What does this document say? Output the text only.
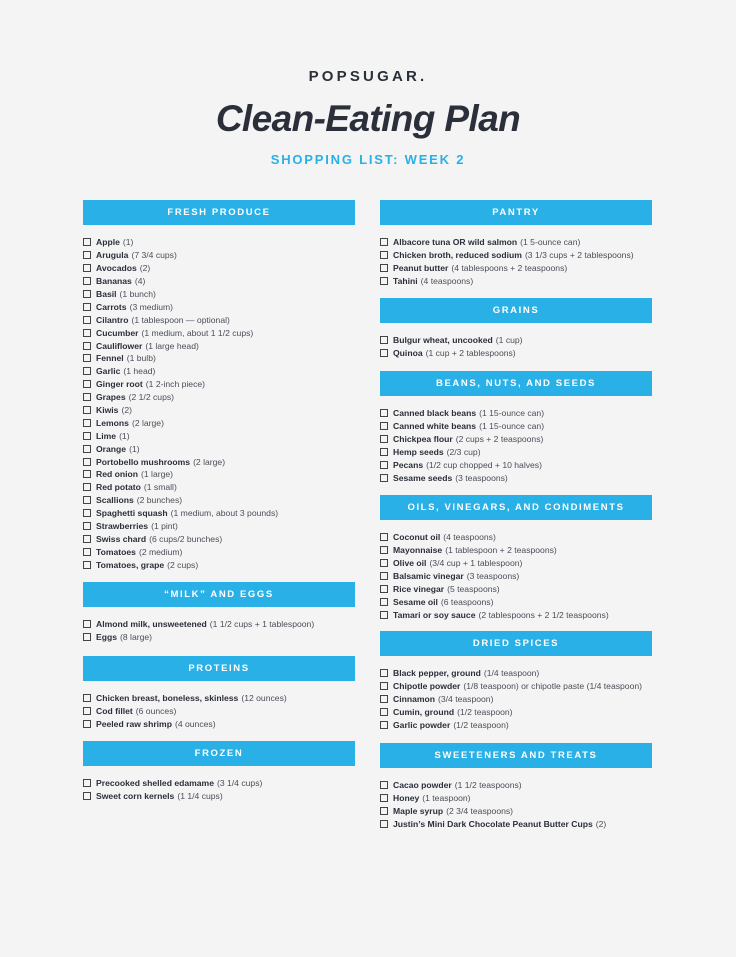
POPSUGAR.
Clean-Eating Plan
SHOPPING LIST: WEEK 2
FRESH PRODUCE
Apple (1)
Arugula (7 3/4 cups)
Avocados (2)
Bananas (4)
Basil (1 bunch)
Carrots (3 medium)
Cilantro (1 tablespoon — optional)
Cucumber (1 medium, about 1 1/2 cups)
Cauliflower (1 large head)
Fennel (1 bulb)
Garlic (1 head)
Ginger root (1 2-inch piece)
Grapes (2 1/2 cups)
Kiwis (2)
Lemons (2 large)
Lime (1)
Orange (1)
Portobello mushrooms (2 large)
Red onion (1 large)
Red potato (1 small)
Scallions (2 bunches)
Spaghetti squash (1 medium, about 3 pounds)
Strawberries (1 pint)
Swiss chard (6 cups/2 bunches)
Tomatoes (2 medium)
Tomatoes, grape (2 cups)
“MILK” AND EGGS
Almond milk, unsweetened (1 1/2 cups + 1 tablespoon)
Eggs (8 large)
PROTEINS
Chicken breast, boneless, skinless (12 ounces)
Cod fillet (6 ounces)
Peeled raw shrimp (4 ounces)
FROZEN
Precooked shelled edamame (3 1/4 cups)
Sweet corn kernels (1 1/4 cups)
PANTRY
Albacore tuna OR wild salmon (1 5-ounce can)
Chicken broth, reduced sodium (3 1/3 cups + 2 tablespoons)
Peanut butter (4 tablespoons + 2 teaspoons)
Tahini (4 teaspoons)
GRAINS
Bulgur wheat, uncooked (1 cup)
Quinoa (1 cup + 2 tablespoons)
BEANS, NUTS, AND SEEDS
Canned black beans (1 15-ounce can)
Canned white beans (1 15-ounce can)
Chickpea flour (2 cups + 2 teaspoons)
Hemp seeds (2/3 cup)
Pecans (1/2 cup chopped + 10 halves)
Sesame seeds (3 teaspoons)
OILS, VINEGARS, AND CONDIMENTS
Coconut oil (4 teaspoons)
Mayonnaise (1 tablespoon + 2 teaspoons)
Olive oil (3/4 cup + 1 tablespoon)
Balsamic vinegar (3 teaspoons)
Rice vinegar (5 teaspoons)
Sesame oil (6 teaspoons)
Tamari or soy sauce (2 tablespoons + 2 1/2 teaspoons)
DRIED SPICES
Black pepper, ground (1/4 teaspoon)
Chipotle powder (1/8 teaspoon) or chipotle paste (1/4 teaspoon)
Cinnamon (3/4 teaspoon)
Cumin, ground (1/2 teaspoon)
Garlic powder (1/2 teaspoon)
SWEETENERS AND TREATS
Cacao powder (1 1/2 teaspoons)
Honey (1 teaspoon)
Maple syrup (2 3/4 teaspoons)
Justin’s Mini Dark Chocolate Peanut Butter Cups (2)
